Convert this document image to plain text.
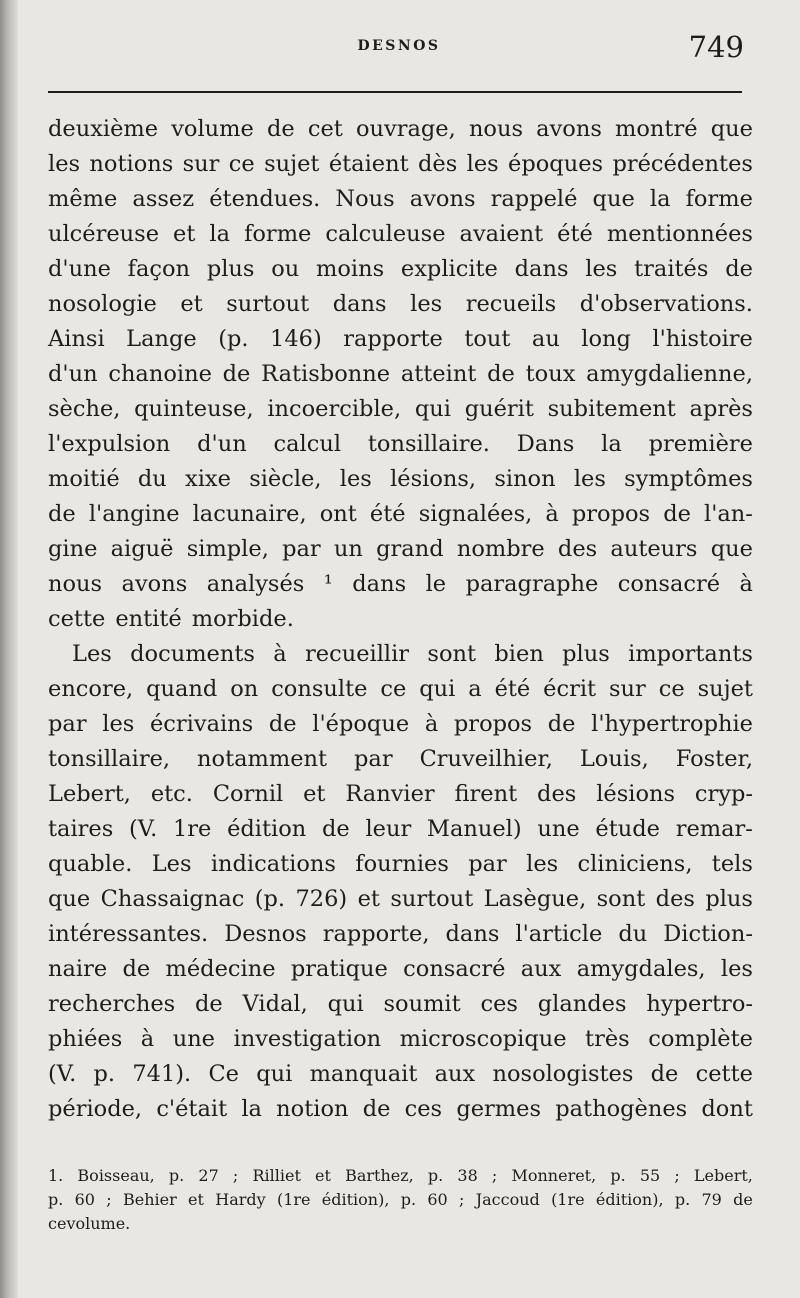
DESNOS	749
deuxième volume de cet ouvrage, nous avons montré que
les notions sur ce sujet étaient dès les époques précédentes
même assez étendues. Nous avons rappelé que la forme
ulcéreuse et la forme calculeuse avaient été mentionnées
d'une façon plus ou moins explicite dans les traités de
nosologie et surtout dans les recueils d'observations.
Ainsi Lange (p. 146) rapporte tout au long l'histoire
d'un chanoine de Ratisbonne atteint de toux amygdalienne,
sèche, quinteuse, incoercible, qui guérit subitement après
l'expulsion d'un calcul tonsillaire. Dans la première
moitié du xixe siècle, les lésions, sinon les symptômes
de l'angine lacunaire, ont été signalées, à propos de l'an-
gine aiguë simple, par un grand nombre des auteurs que
nous avons analysés ¹ dans le paragraphe consacré à
cette entité morbide.
Les documents à recueillir sont bien plus importants
encore, quand on consulte ce qui a été écrit sur ce sujet
par les écrivains de l'époque à propos de l'hypertrophie
tonsillaire, notamment par Cruveilhier, Louis, Foster,
Lebert, etc. Cornil et Ranvier firent des lésions cryp-
taires (V. 1re édition de leur Manuel) une étude remar-
quable. Les indications fournies par les cliniciens, tels
que Chassaignac (p. 726) et surtout Lasègue, sont des plus
intéressantes. Desnos rapporte, dans l'article du Diction-
naire de médecine pratique consacré aux amygdales, les
recherches de Vidal, qui soumit ces glandes hypertro-
phiées à une investigation microscopique très complète
(V. p. 741). Ce qui manquait aux nosologistes de cette
période, c'était la notion de ces germes pathogènes dont
1. Boisseau, p. 27 ; Rilliet et Barthez, p. 38 ; Monneret, p. 55 ; Lebert,
p. 60 ; Behier et Hardy (1re édition), p. 60 ; Jaccoud (1re édition), p. 79 de
ce volume.
